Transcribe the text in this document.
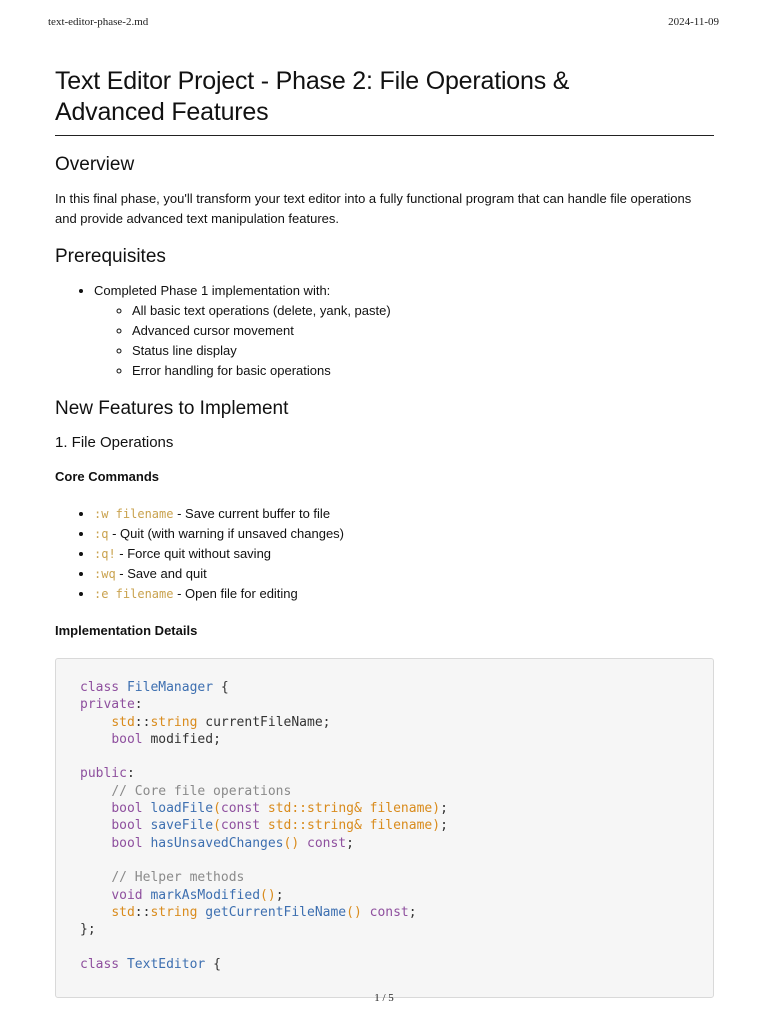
text-editor-phase-2.md	2024-11-09
Text Editor Project - Phase 2: File Operations &
Advanced Features
Overview

In this final phase, you'll transform your text editor into a fully functional program that can handle file operations and provide advanced text manipulation features.

Prerequisites
• Completed Phase 1 implementation with:
◦ All basic text operations (delete, yank, paste)
◦ Advanced cursor movement
◦ Status line display
◦ Error handling for basic operations
New Features to Implement
1. File Operations
Core Commands
• :w filename - Save current buffer to file
• :q - Quit (with warning if unsaved changes)
• :q! - Force quit without saving
• :wq - Save and quit
• :e filename - Open file for editing
Implementation Details
class FileManager {
private:
std::string currentFileName;
bool modified;
public:
// Core file operations
bool loadFile(const std::string& filename);
bool saveFile(const std::string& filename);
bool hasUnsavedChanges() const;
// Helper methods
void markAsModified();
std::string getCurrentFileName() const;
};
class TextEditor {
1 / 5
